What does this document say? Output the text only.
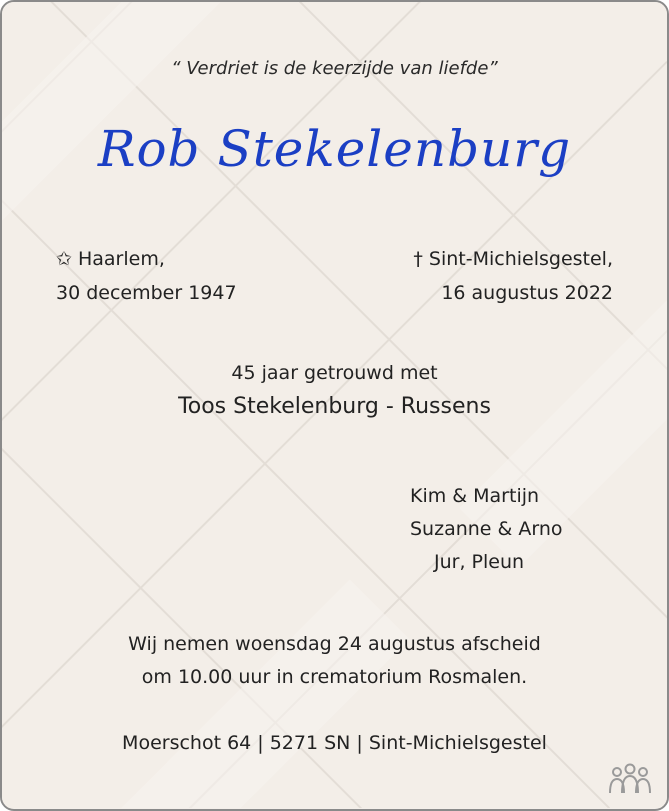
“ Verdriet is de keerzijde van liefde”
Rob Stekelenburg
✩ Haarlem,
30 december 1947
† Sint-Michielsgestel,
16 augustus 2022
45 jaar getrouwd met
Toos Stekelenburg - Russens
Kim & Martijn
Suzanne & Arno
Jur, Pleun
Wij nemen woensdag 24 augustus afscheid
om 10.00 uur in crematorium Rosmalen.
Moerschot 64 | 5271 SN | Sint-Michielsgestel
